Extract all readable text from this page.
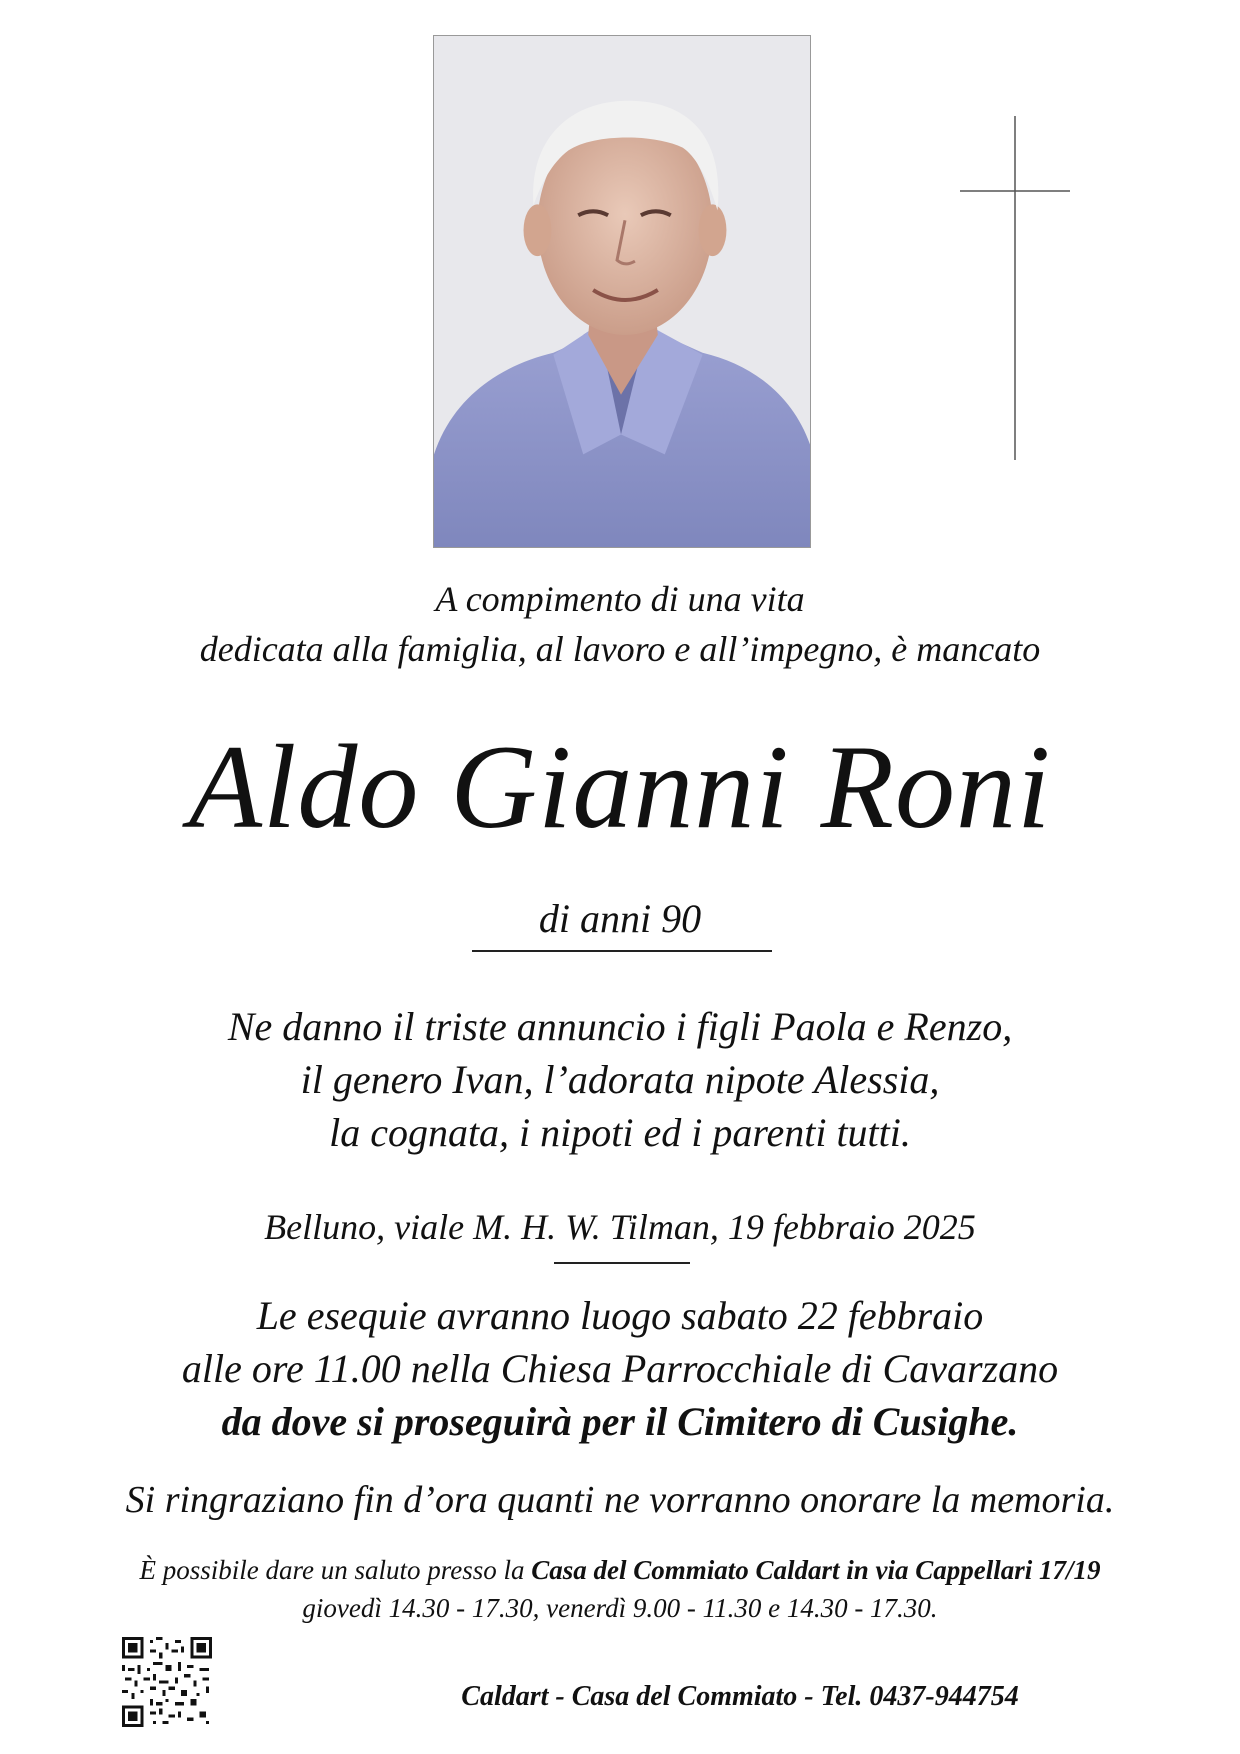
A compimento di una vita
dedicata alla famiglia, al lavoro e all’impegno, è mancato
Aldo Gianni Roni
di anni 90
Ne danno il triste annuncio i figli Paola e Renzo,
il genero Ivan, l’adorata nipote Alessia,
la cognata, i nipoti ed i parenti tutti.
Belluno, viale M. H. W. Tilman, 19 febbraio 2025
Le esequie avranno luogo sabato 22 febbraio
alle ore 11.00 nella Chiesa Parrocchiale di Cavarzano
da dove si proseguirà per il Cimitero di Cusighe.
Si ringraziano fin d’ora quanti ne vorranno onorare la memoria.
È possibile dare un saluto presso la Casa del Commiato Caldart in via Cappellari 17/19
giovedì 14.30 - 17.30, venerdì 9.00 - 11.30 e 14.30 - 17.30.
Caldart - Casa del Commiato - Tel. 0437-944754
